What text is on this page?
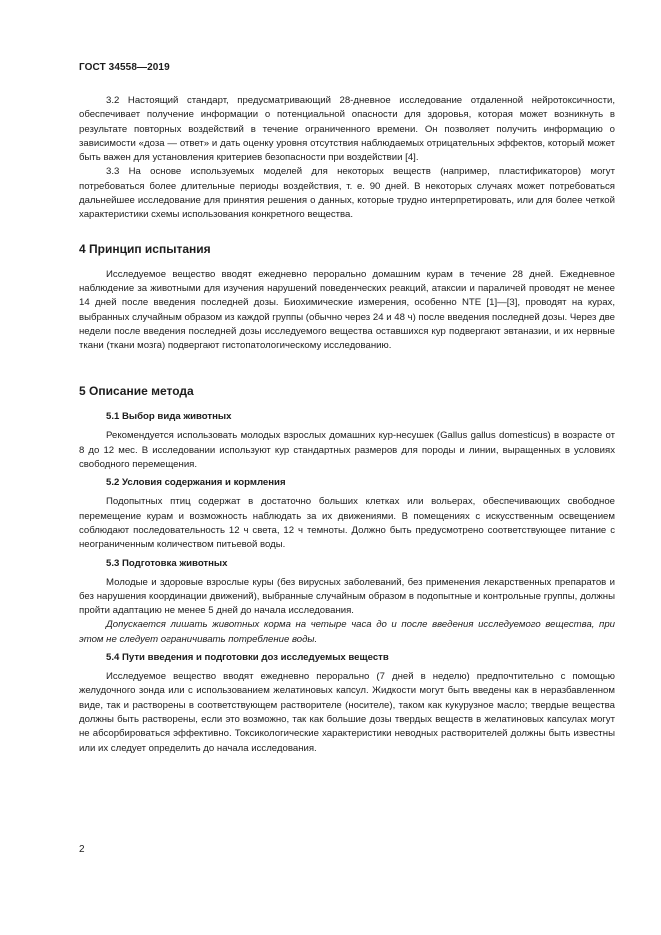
ГОСТ 34558—2019

3.2 Настоящий стандарт, предусматривающий 28-дневное исследование отдаленной нейротоксичности, обеспечивает получение информации о потенциальной опасности для здоровья, которая может возникнуть в результате повторных воздействий в течение ограниченного времени. Он позволяет получить информацию о зависимости «доза — ответ» и дать оценку уровня отсутствия наблюдаемых отрицательных эффектов, который может быть важен для установления критериев безопасности при воздействии [4].

3.3 На основе используемых моделей для некоторых веществ (например, пластификаторов) могут потребоваться более длительные периоды воздействия, т. е. 90 дней. В некоторых случаях может потребоваться дальнейшее исследование для принятия решения о данных, которые трудно интерпретировать, или для более четкой характеристики схемы использования конкретного вещества.

4 Принцип испытания

Исследуемое вещество вводят ежедневно перорально домашним курам в течение 28 дней. Ежедневное наблюдение за животными для изучения нарушений поведенческих реакций, атаксии и параличей проводят не менее 14 дней после введения последней дозы. Биохимические измерения, особенно NTE [1]—[3], проводят на курах, выбранных случайным образом из каждой группы (обычно через 24 и 48 ч) после введения последней дозы. Через две недели после введения последней дозы исследуемого вещества оставшихся кур подвергают эвтаназии, и их нервные ткани (ткани мозга) подвергают гистопатологическому исследованию.

5 Описание метода
5.1 Выбор вида животных

Рекомендуется использовать молодых взрослых домашних кур-несушек (Gallus gallus domesticus) в возрасте от 8 до 12 мес. В исследовании используют кур стандартных размеров для породы и линии, выращенных в условиях свободного перемещения.

5.2 Условия содержания и кормления

Подопытных птиц содержат в достаточно больших клетках или вольерах, обеспечивающих свободное перемещение курам и возможность наблюдать за их движениями. В помещениях с искусственным освещением соблюдают последовательность 12 ч света, 12 ч темноты. Должно быть предусмотрено соответствующее питание с неограниченным количеством питьевой воды.

5.3 Подготовка животных

Молодые и здоровые взрослые куры (без вирусных заболеваний, без применения лекарственных препаратов и без нарушения координации движений), выбранные случайным образом в подопытные и контрольные группы, должны пройти адаптацию не менее 5 дней до начала исследования.

Допускается лишать животных корма на четыре часа до и после введения исследуемого вещества, при этом не следует ограничивать потребление воды.

5.4 Пути введения и подготовки доз исследуемых веществ

Исследуемое вещество вводят ежедневно перорально (7 дней в неделю) предпочтительно с помощью желудочного зонда или с использованием желатиновых капсул. Жидкости могут быть введены как в неразбавленном виде, так и растворены в соответствующем растворителе (носителе), таком как кукурузное масло; твердые вещества должны быть растворены, если это возможно, так как большие дозы твердых веществ в желатиновых капсулах могут не абсорбироваться эффективно. Токсикологические характеристики неводных растворителей должны быть известны или их следует определить до начала исследования.

2
